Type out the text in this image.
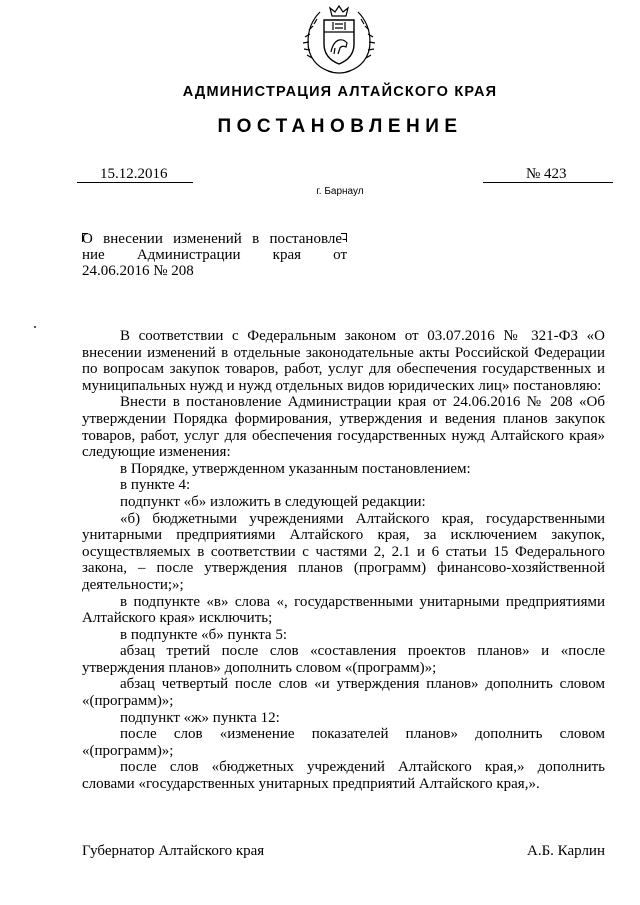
АДМИНИСТРАЦИЯ АЛТАЙСКОГО КРАЯ
ПОСТАНОВЛЕНИЕ
15.12.2016	№ 423
г. Барнаул
О внесении изменений в постановле-
ние Администрации края от
24.06.2016 № 208

В соответствии с Федеральным законом от 03.07.2016 № 321-ФЗ «О внесении изменений в отдельные законодательные акты Российской Федерации по вопросам закупок товаров, работ, услуг для обеспечения государственных и муниципальных нужд и нужд отдельных видов юридических лиц» постановляю:

Внести в постановление Администрации края от 24.06.2016 № 208 «Об утверждении Порядка формирования, утверждения и ведения планов закупок товаров, работ, услуг для обеспечения государственных нужд Алтайского края» следующие изменения:

в Порядке, утвержденном указанным постановлением:

в пункте 4:

подпункт «б» изложить в следующей редакции:

«б) бюджетными учреждениями Алтайского края, государственными унитарными предприятиями Алтайского края, за исключением закупок, осуществляемых в соответствии с частями 2, 2.1 и 6 статьи 15 Федерального закона, – после утверждения планов (программ) финансово-хозяйственной деятельности;»;

в подпункте «в» слова «, государственными унитарными предприятиями Алтайского края» исключить;

в подпункте «б» пункта 5:

абзац третий после слов «составления проектов планов» и «после утверждения планов» дополнить словом «(программ)»;

абзац четвертый после слов «и утверждения планов» дополнить словом «(программ)»;

подпункт «ж» пункта 12:

после слов «изменение показателей планов» дополнить словом «(программ)»;

после слов «бюджетных учреждений Алтайского края,» дополнить словами «государственных унитарных предприятий Алтайского края,».

Губернатор Алтайского края	А.Б. Карлин
